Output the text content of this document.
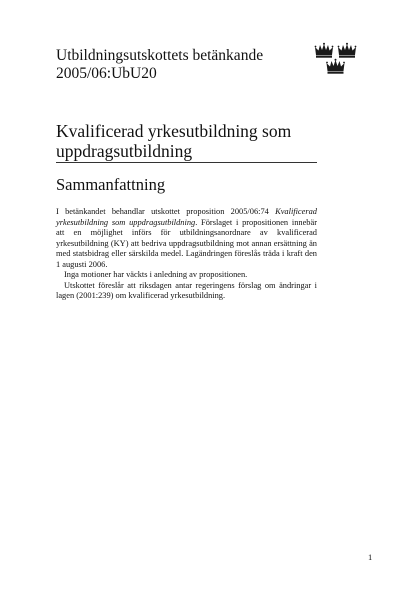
Utbildningsutskottets betänkande
2005/06:UbU20
Kvalificerad yrkesutbildning som
uppdragsutbildning
Sammanfattning

I betänkandet behandlar utskottet proposition 2005/06:74 Kvalificerad yrkesutbildning som uppdragsutbildning. Förslaget i propositionen innebär att en möjlighet införs för utbildningsanordnare av kvalificerad yrkesutbildning (KY) att bedriva uppdragsutbildning mot annan ersättning än med statsbidrag eller särskilda medel. Lagändringen föreslås träda i kraft den 1 augusti 2006.

Inga motioner har väckts i anledning av propositionen.

Utskottet föreslår att riksdagen antar regeringens förslag om ändringar i lagen (2001:239) om kvalificerad yrkesutbildning.

1
